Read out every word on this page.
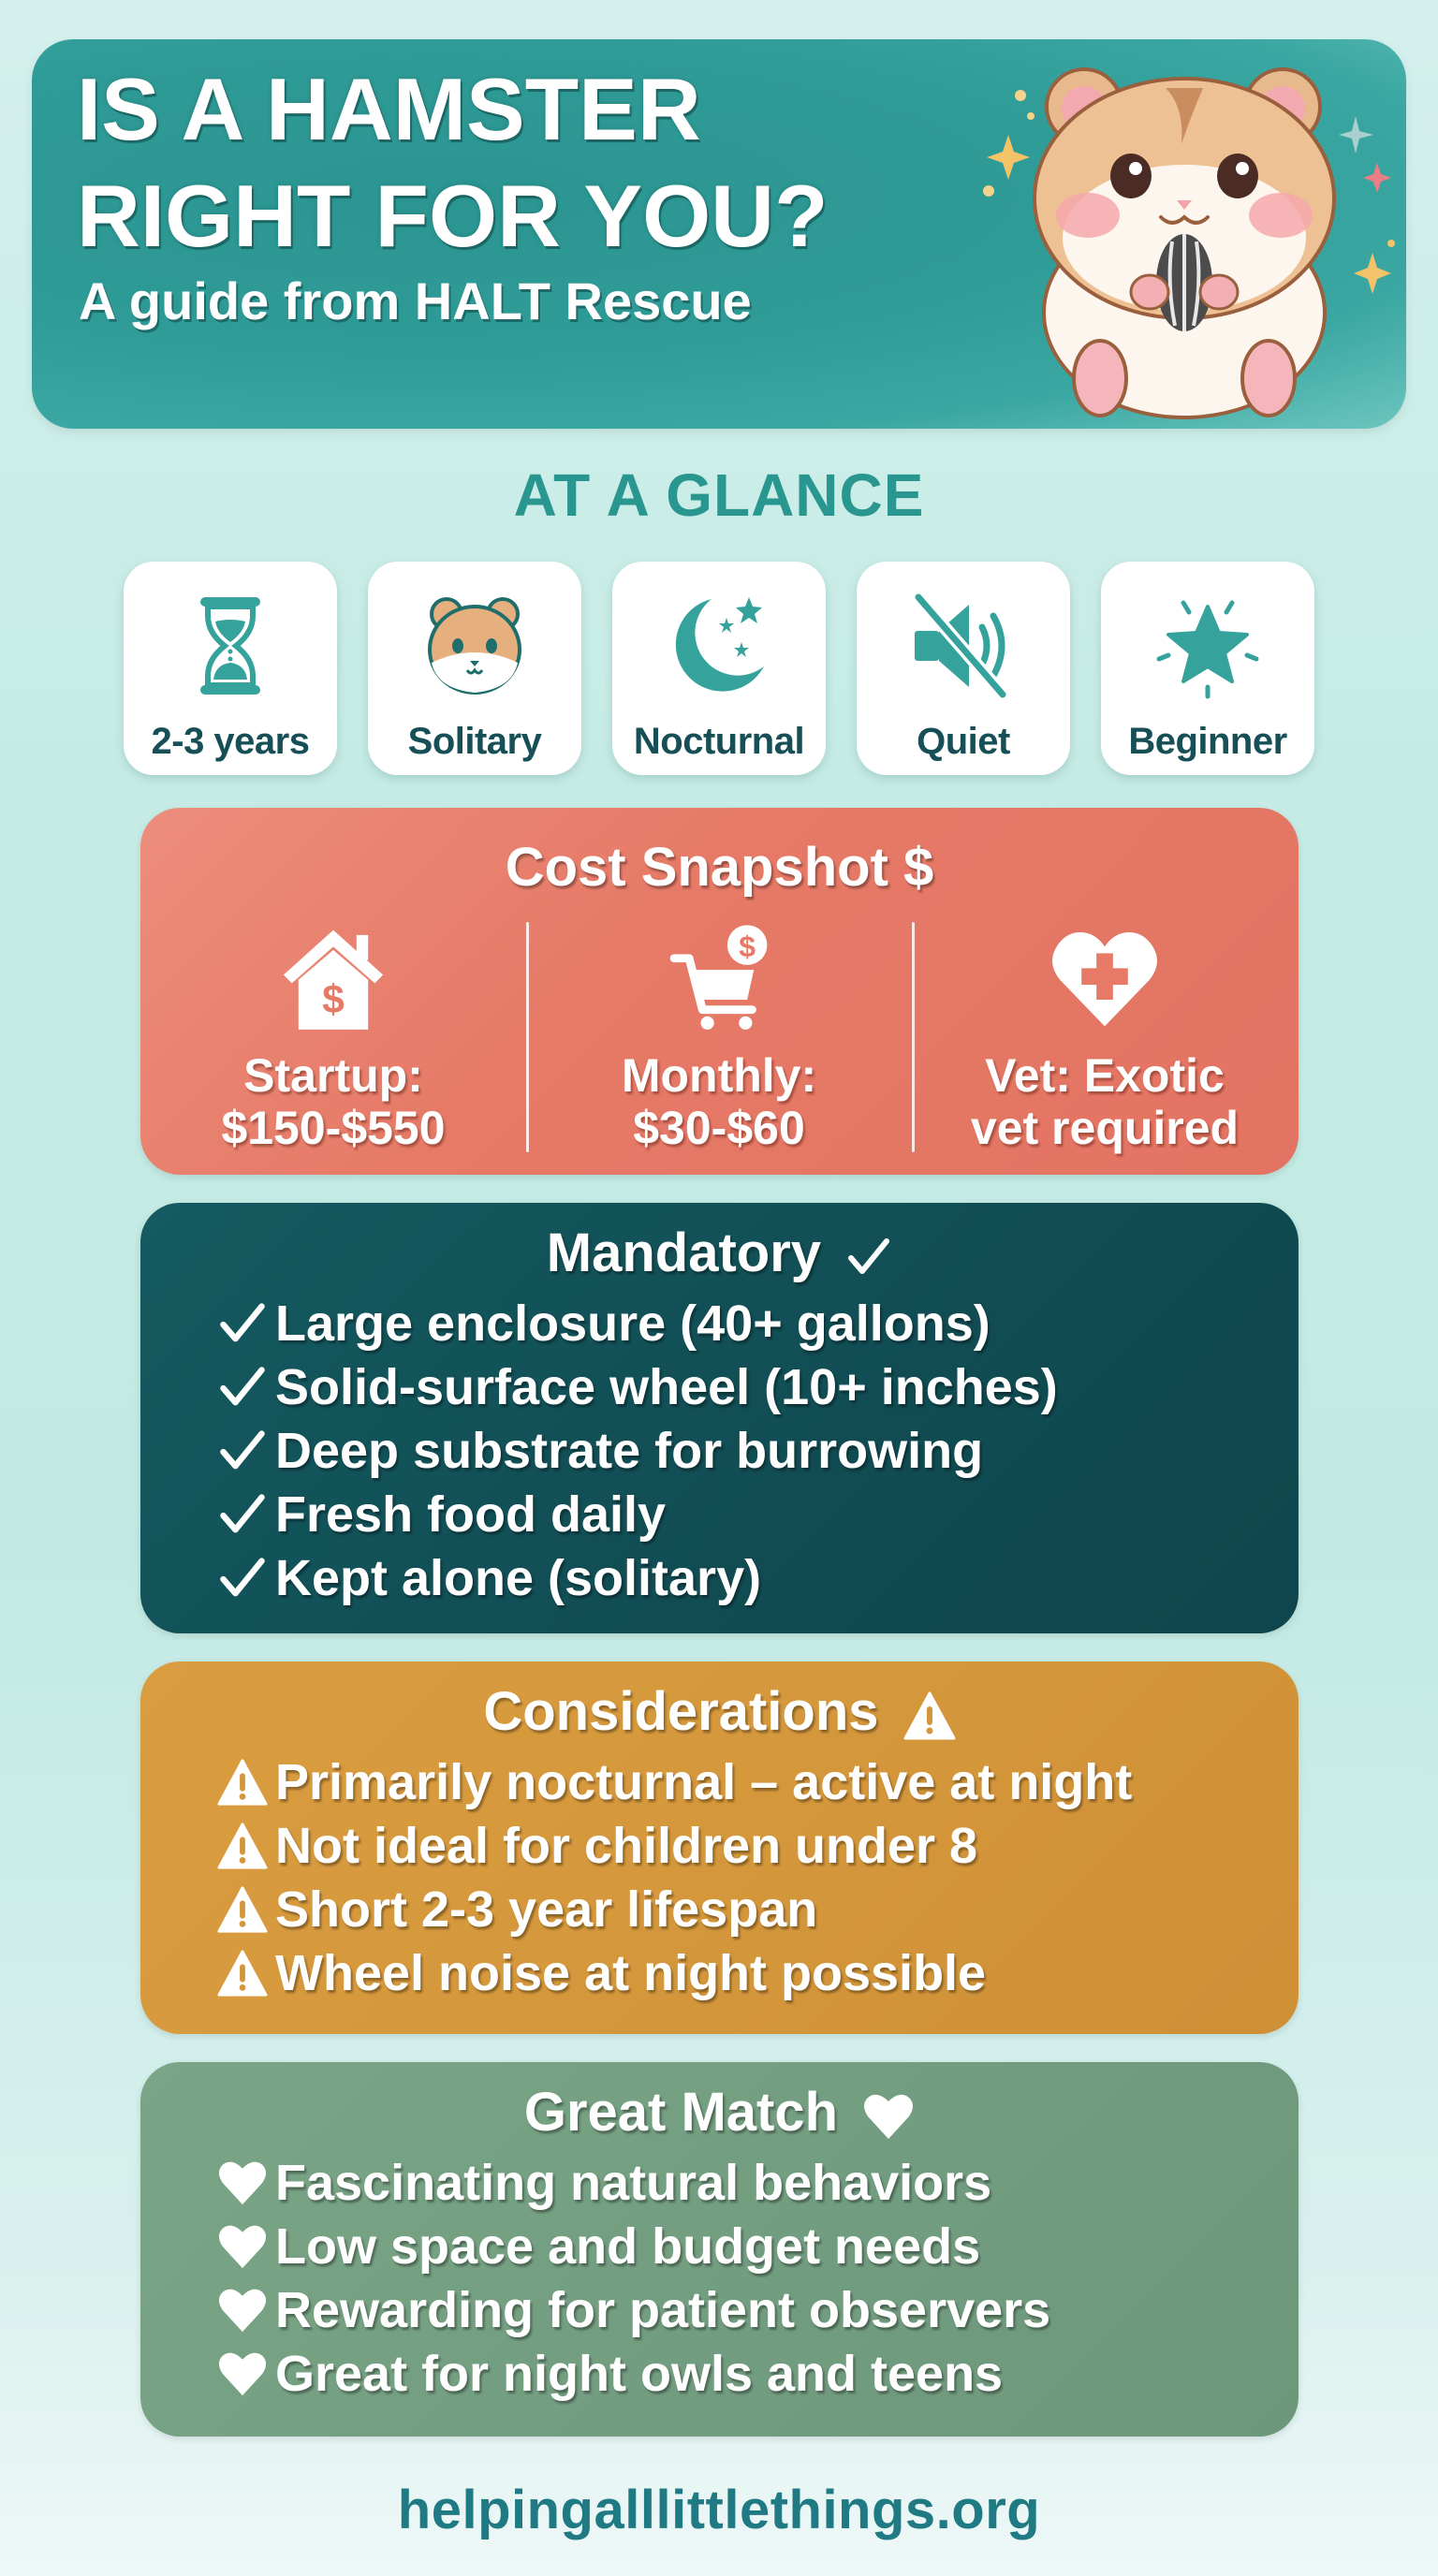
IS A HAMSTER
RIGHT FOR YOU?
A guide from HALT Rescue
AT A GLANCE
2-3 years	Solitary Nocturnal	Quiet	Beginner
Cost Snapshot $
$
Startup:
$150-$550
$
Monthly:
$30-$60
Vet: Exotic
vet required
Mandatory
Large enclosure (40+ gallons)
Solid-surface wheel (10+ inches)
Deep substrate for burrowing
Fresh food daily
Kept alone (solitary)
Considerations
Primarily nocturnal – active at night
Not ideal for children under 8
Short 2-3 year lifespan
Wheel noise at night possible
Great Match
Fascinating natural behaviors
Low space and budget needs
Rewarding for patient observers
Great for night owls and teens
helpingalllittlethings.org
